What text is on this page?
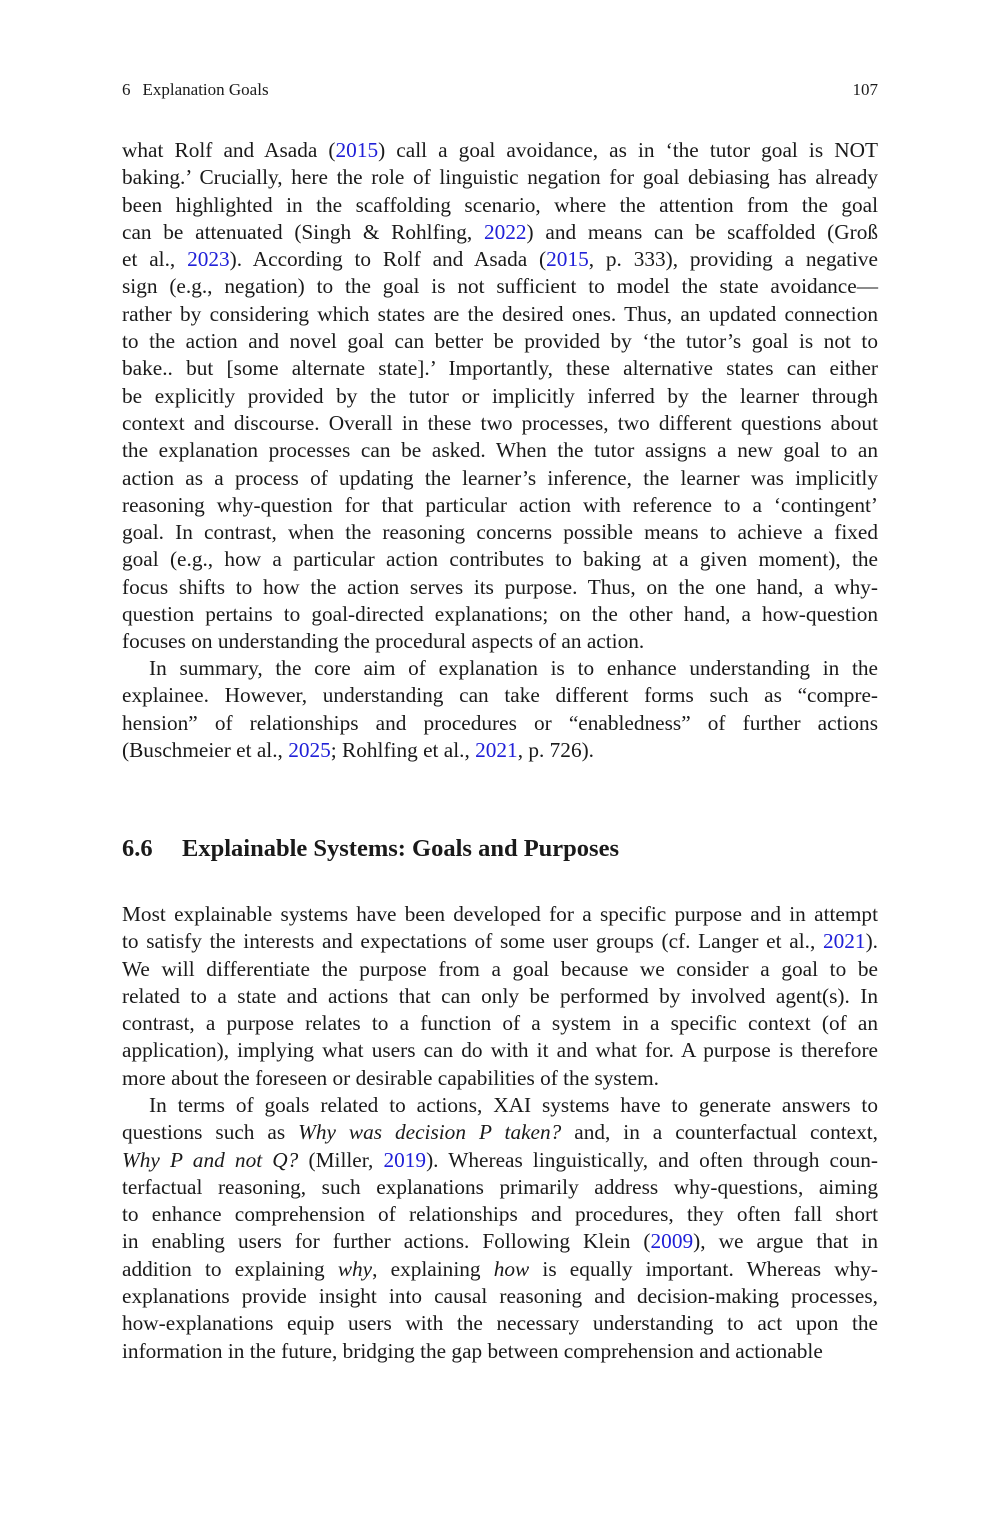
6 Explanation Goals	107
what Rolf and Asada (2015) call a goal avoidance, as in ‘the tutor goal is NOT
baking.’ Crucially, here the role of linguistic negation for goal debiasing has already
been highlighted in the scaffolding scenario, where the attention from the goal
can be attenuated (Singh & Rohlfing, 2022) and means can be scaffolded (Groß
et al., 2023). According to Rolf and Asada (2015, p. 333), providing a negative
sign (e.g., negation) to the goal is not sufficient to model the state avoidance—
rather by considering which states are the desired ones. Thus, an updated connection
to the action and novel goal can better be provided by ‘the tutor’s goal is not to
bake.. but [some alternate state].’ Importantly, these alternative states can either
be explicitly provided by the tutor or implicitly inferred by the learner through
context and discourse. Overall in these two processes, two different questions about
the explanation processes can be asked. When the tutor assigns a new goal to an
action as a process of updating the learner’s inference, the learner was implicitly
reasoning why-question for that particular action with reference to a ‘contingent’
goal. In contrast, when the reasoning concerns possible means to achieve a fixed
goal (e.g., how a particular action contributes to baking at a given moment), the
focus shifts to how the action serves its purpose. Thus, on the one hand, a why-
question pertains to goal-directed explanations; on the other hand, a how-question
focuses on understanding the procedural aspects of an action.
In summary, the core aim of explanation is to enhance understanding in the
explainee. However, understanding can take different forms such as “compre-
hension” of relationships and procedures or “enabledness” of further actions
(Buschmeier et al., 2025; Rohlfing et al., 2021, p. 726).
6.6 Explainable Systems: Goals and Purposes
Most explainable systems have been developed for a specific purpose and in attempt
to satisfy the interests and expectations of some user groups (cf. Langer et al., 2021).
We will differentiate the purpose from a goal because we consider a goal to be
related to a state and actions that can only be performed by involved agent(s). In
contrast, a purpose relates to a function of a system in a specific context (of an
application), implying what users can do with it and what for. A purpose is therefore
more about the foreseen or desirable capabilities of the system.
In terms of goals related to actions, XAI systems have to generate answers to
questions such as Why was decision P taken? and, in a counterfactual context,
Why P and not Q? (Miller, 2019). Whereas linguistically, and often through coun-
terfactual reasoning, such explanations primarily address why-questions, aiming
to enhance comprehension of relationships and procedures, they often fall short
in enabling users for further actions. Following Klein (2009), we argue that in
addition to explaining why, explaining how is equally important. Whereas why-
explanations provide insight into causal reasoning and decision-making processes,
how-explanations equip users with the necessary understanding to act upon the
information in the future, bridging the gap between comprehension and actionable
